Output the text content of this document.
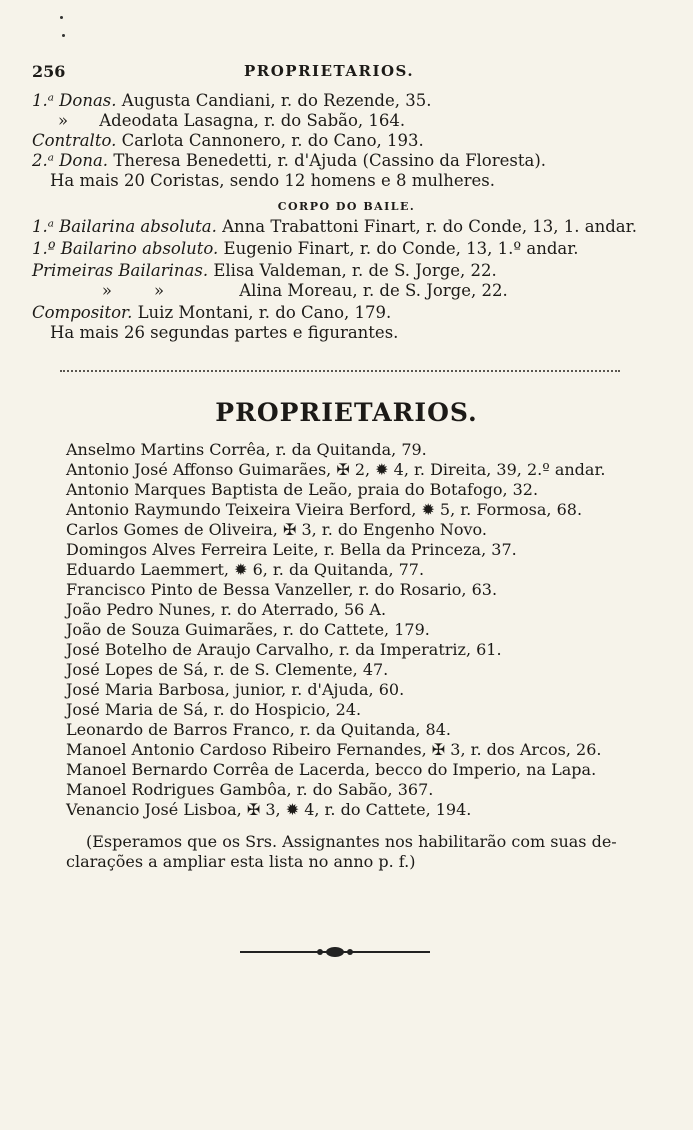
256	PROPRIETARIOS.
1.ᵃ Donas. Augusta Candiani, r. do Rezende, 35.
» Adeodata Lasagna, r. do Sabão, 164.
Contralto. Carlota Cannonero, r. do Cano, 193.
2.ᵃ Dona. Theresa Benedetti, r. d'Ajuda (Cassino da Floresta).
Ha mais 20 Coristas, sendo 12 homens e 8 mulheres.
CORPO DO BAILE.
1.ᵃ Bailarina absoluta. Anna Trabattoni Finart, r. do Conde, 13, 1. andar.
1.º Bailarino absoluto. Eugenio Finart, r. do Conde, 13, 1.º andar.
Primeiras Bailarinas. Elisa Valdeman, r. de S. Jorge, 22.
»        »	Alina Moreau, r. de S. Jorge, 22.
Compositor. Luiz Montani, r. do Cano, 179.
Ha mais 26 segundas partes e figurantes.
PROPRIETARIOS.
Anselmo Martins Corrêa, r. da Quitanda, 79.
Antonio José Affonso Guimarães, ✠ 2, ✹ 4, r. Direita, 39, 2.º andar.
Antonio Marques Baptista de Leão, praia do Botafogo, 32.
Antonio Raymundo Teixeira Vieira Berford, ✹ 5, r. Formosa, 68.
Carlos Gomes de Oliveira, ✠ 3, r. do Engenho Novo.
Domingos Alves Ferreira Leite, r. Bella da Princeza, 37.
Eduardo Laemmert, ✹ 6, r. da Quitanda, 77.
Francisco Pinto de Bessa Vanzeller, r. do Rosario, 63.
João Pedro Nunes, r. do Aterrado, 56 A.
João de Souza Guimarães, r. do Cattete, 179.
José Botelho de Araujo Carvalho, r. da Imperatriz, 61.
José Lopes de Sá, r. de S. Clemente, 47.
José Maria Barbosa, junior, r. d'Ajuda, 60.
José Maria de Sá, r. do Hospicio, 24.
Leonardo de Barros Franco, r. da Quitanda, 84.
Manoel Antonio Cardoso Ribeiro Fernandes, ✠ 3, r. dos Arcos, 26.
Manoel Bernardo Corrêa de Lacerda, becco do Imperio, na Lapa.
Manoel Rodrigues Gambôa, r. do Sabão, 367.
Venancio José Lisboa, ✠ 3, ✹ 4, r. do Cattete, 194.
(Esperamos que os Srs. Assignantes nos habilitarão com suas de-
clarações a ampliar esta lista no anno p. f.)
